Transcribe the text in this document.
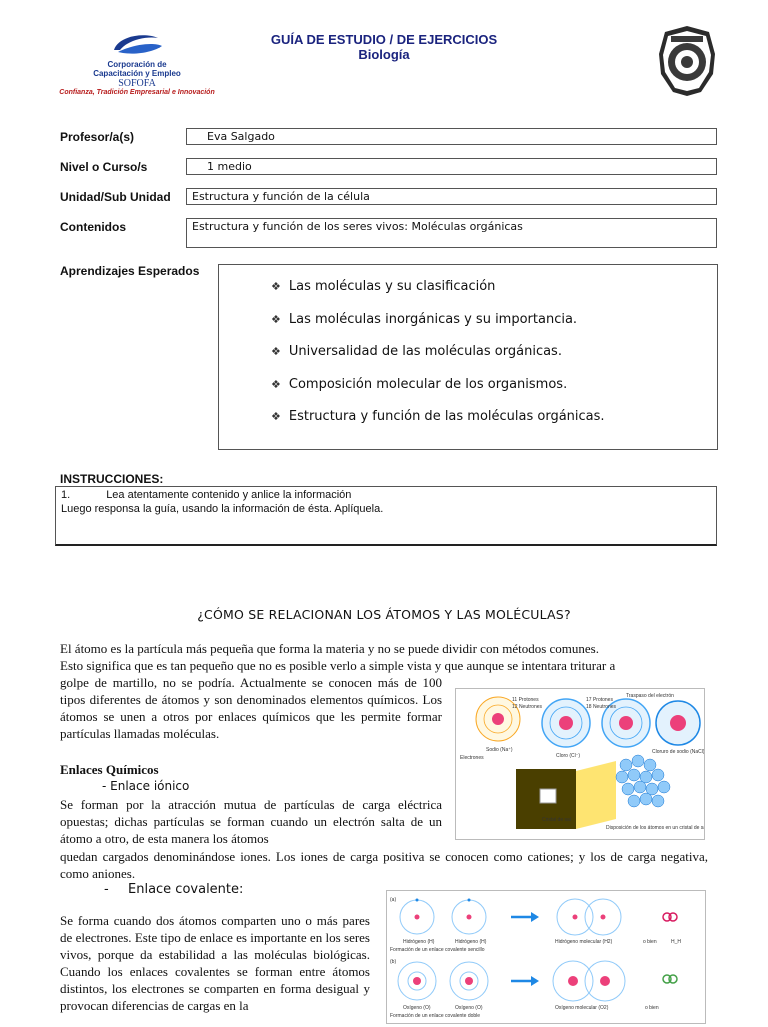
GUÍA DE ESTUDIO / DE EJERCICIOS
Biología
Corporación de
Capacitación y Empleo
SOFOFA
Confianza, Tradición Empresarial e Innovación
Profesor/a(s)	Eva Salgado
Nivel o Curso/s	1 medio
Unidad/Sub Unidad	Estructura y función de la célula
Contenidos	Estructura y función de los seres vivos: Moléculas orgánicas
Aprendizajes Esperados
❖ Las moléculas y su clasificación
❖ Las moléculas inorgánicas y su importancia.
❖ Universalidad de las moléculas orgánicas.
❖ Composición molecular de los organismos.
❖ Estructura y función de las moléculas orgánicas.
INSTRUCCIONES:
1.	Lea atentamente contenido y anlice la información
Luego responsa la guía, usando la información de ésta. Aplíquela.
¿CÓMO SE RELACIONAN LOS ÁTOMOS Y LAS MOLÉCULAS?
El átomo es la partícula más pequeña que forma la materia y no se puede dividir con métodos comunes.
Esto significa que es tan pequeño que no es posible verlo a simple vista y que aunque se intentara triturar a
golpe de martillo, no se podría. Actualmente se conocen más de 100 tipos diferentes de átomos y son denominados elementos químicos. Los átomos se unen a otros por enlaces químicos que les permite formar partículas llamadas moléculas.
Enlaces Químicos
- Enlace iónico
Se forman por la atracción mutua de partículas de carga eléctrica opuestas; dichas partículas se forman cuando un electrón salta de un átomo a otro, de esta manera los átomos
quedan cargados denominándose iones. Los iones de carga positiva se conocen como cationes; y los de carga negativa, como aniones.
- Enlace covalente:
Se forma cuando dos átomos comparten uno o más pares de electrones. Este tipo de enlace es importante en los seres vivos, porque da estabilidad a las moléculas biológicas. Cuando los enlaces covalentes se forman entre átomos distintos, los electrones se comparten en forma desigual y provocan diferencias de cargas en la
11 Protones
12 Neutrones
17 Protones
18 Neutrones
Traspaso del electrón
Sodio (Na⁺)
Cloro (Cl⁻)
Cloruro de sodio (NaCl)
Electrones
Cristal de sal
Disposición de los átomos en un cristal de sal
(a)
Hidrógeno (H)	Hidrógeno (H)	Hidrógeno molecular (H2)	o bien	H_H
Formación de un enlace covalente sencillo
(b)
Oxígeno (O)	Oxígeno (O)	Oxígeno molecular (O2)	o bien
Formación de un enlace covalente doble
